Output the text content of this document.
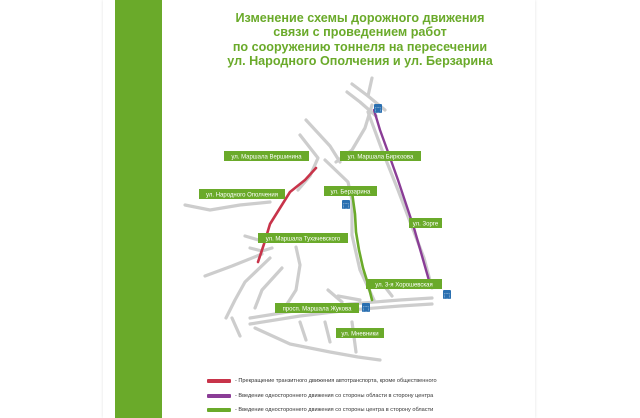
Изменение схемы дорожного движения
связи с проведением работ
по сооружению тоннеля на пересечении
ул. Народного Ополчения и ул. Берзарина
⬚
⬚
⬚
⬚
ул. Маршала Вершинина	ул. Маршала Бирюзова
ул. Берзарина
ул. Народного Ополчения
ул. Зорге
ул. Маршала Тухачевского
ул. 3-я Хорошевская
просп. Маршала Жукова
ул. Мневники
- Прекращение транзитного движения автотранспорта, кроме общественного
- Введение одностороннего движения со стороны области в сторону центра
- Введение одностороннего движения со стороны центра в сторону области
